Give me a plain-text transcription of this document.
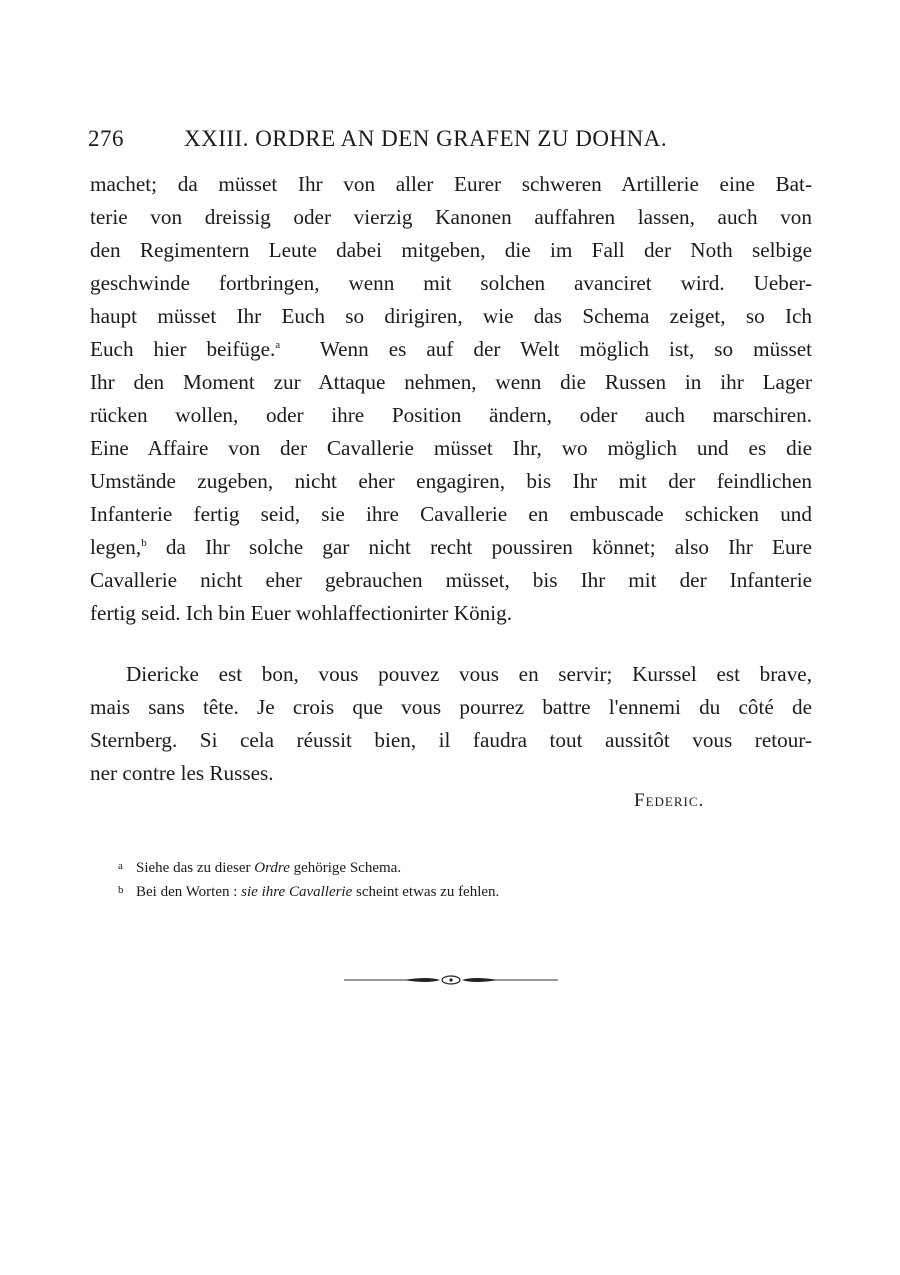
276	XXIII. ORDRE AN DEN GRAFEN ZU DOHNA.
machet; da müsset Ihr von aller Eurer schweren Artillerie eine Bat-
terie von dreissig oder vierzig Kanonen auffahren lassen, auch von
den Regimentern Leute dabei mitgeben, die im Fall der Noth selbige
geschwinde fortbringen, wenn mit solchen avanciret wird. Ueber-
haupt müsset Ihr Euch so dirigiren, wie das Schema zeiget, so Ich
Euch hier beifüge.$^a$ Wenn es auf der Welt möglich ist, so müsset
Ihr den Moment zur Attaque nehmen, wenn die Russen in ihr Lager
rücken wollen, oder ihre Position ändern, oder auch marschiren.
Eine Affaire von der Cavallerie müsset Ihr, wo möglich und es die
Umstände zugeben, nicht eher engagiren, bis Ihr mit der feindlichen
Infanterie fertig seid, sie ihre Cavallerie en embuscade schicken und
legen,$^b$ da Ihr solche gar nicht recht poussiren könnet; also Ihr Eure
Cavallerie nicht eher gebrauchen müsset, bis Ihr mit der Infanterie
fertig seid. Ich bin Euer wohlaffectionirter König.
Diericke est bon, vous pouvez vous en servir; Kurssel est brave,
mais sans tête. Je crois que vous pourrez battre l'ennemi du côté de
Sternberg. Si cela réussit bien, il faudra tout aussitôt vous retour-
ner contre les Russes.
Federic.
a Siehe das zu dieser Ordre gehörige Schema.
b Bei den Worten : sie ihre Cavallerie scheint etwas zu fehlen.
